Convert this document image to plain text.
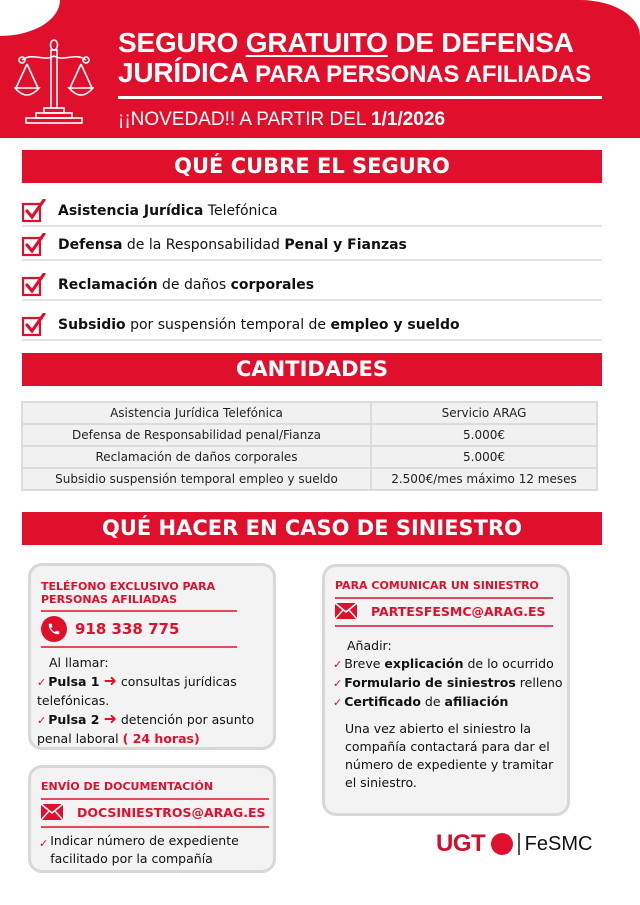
SEGURO GRATUITO DE DEFENSA
JURÍDICA PARA PERSONAS AFILIADAS
¡¡NOVEDAD!! A PARTIR DEL 1/1/2026
QUÉ CUBRE EL SEGURO
Asistencia Jurídica Telefónica
Defensa de la Responsabilidad Penal y Fianzas
Reclamación de daños corporales
Subsidio por suspensión temporal de empleo y sueldo
CANTIDADES
Asistencia Jurídica Telefónica	Servicio ARAG
Defensa de Responsabilidad penal/Fianza	5.000€
Reclamación de daños corporales	5.000€
Subsidio suspensión temporal empleo y sueldo	2.500€/mes máximo 12 meses
QUÉ HACER EN CASO DE SINIESTRO
TELÉFONO EXCLUSIVO PARA PERSONAS AFILIADAS
918 338 775
Al llamar:
✓ Pulsa 1 ➜ consultas jurídicas telefónicas.
✓ Pulsa 2 ➜ detención por asunto penal laboral ( 24 horas)
PARA COMUNICAR UN SINIESTRO
PARTESFESMC@ARAG.ES
Añadir:
✓ Breve explicación de lo ocurrido
✓ Formulario de siniestros relleno
✓ Certificado de afiliación
Una vez abierto el siniestro la compañía contactará para dar el número de expediente y tramitar el siniestro.
ENVÍO DE DOCUMENTACIÓN
DOCSINIESTROS@ARAG.ES
✓ Indicar número de expediente facilitado por la compañía
UGT FeSMC
